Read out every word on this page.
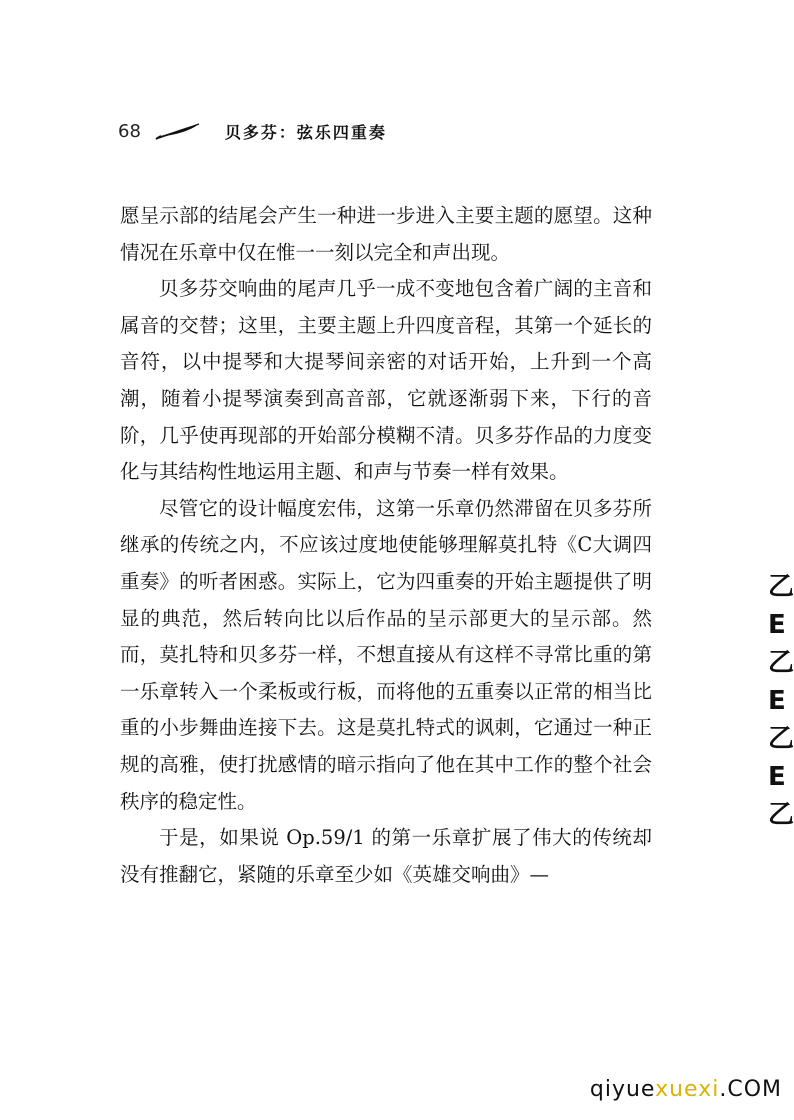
68	贝多芬：弦乐四重奏

愿呈示部的结尾会产生一种进一步进入主要主题的愿望。这种情况在乐章中仅在惟一一刻以完全和声出现。

贝多芬交响曲的尾声几乎一成不变地包含着广阔的主音和属音的交替；这里，主要主题上升四度音程，其第一个延长的音符，以中提琴和大提琴间亲密的对话开始，上升到一个高潮，随着小提琴演奏到高音部，它就逐渐弱下来，下行的音阶，几乎使再现部的开始部分模糊不清。贝多芬作品的力度变化与其结构性地运用主题、和声与节奏一样有效果。

尽管它的设计幅度宏伟，这第一乐章仍然滞留在贝多芬所继承的传统之内，不应该过度地使能够理解莫扎特《C大调四重奏》的听者困惑。实际上，它为四重奏的开始主题提供了明显的典范，然后转向比以后作品的呈示部更大的呈示部。然而，莫扎特和贝多芬一样，不想直接从有这样不寻常比重的第一乐章转入一个柔板或行板，而将他的五重奏以正常的相当比重的小步舞曲连接下去。这是莫扎特式的讽刺，它通过一种正规的高雅，使打扰感情的暗示指向了他在其中工作的整个社会秩序的稳定性。

于是，如果说 Op.59/1 的第一乐章扩展了伟大的传统却没有推翻它，紧随的乐章至少如《英雄交响曲》—

乙
E
乙
E
乙
E
乙
qiyuexuexi.COM
